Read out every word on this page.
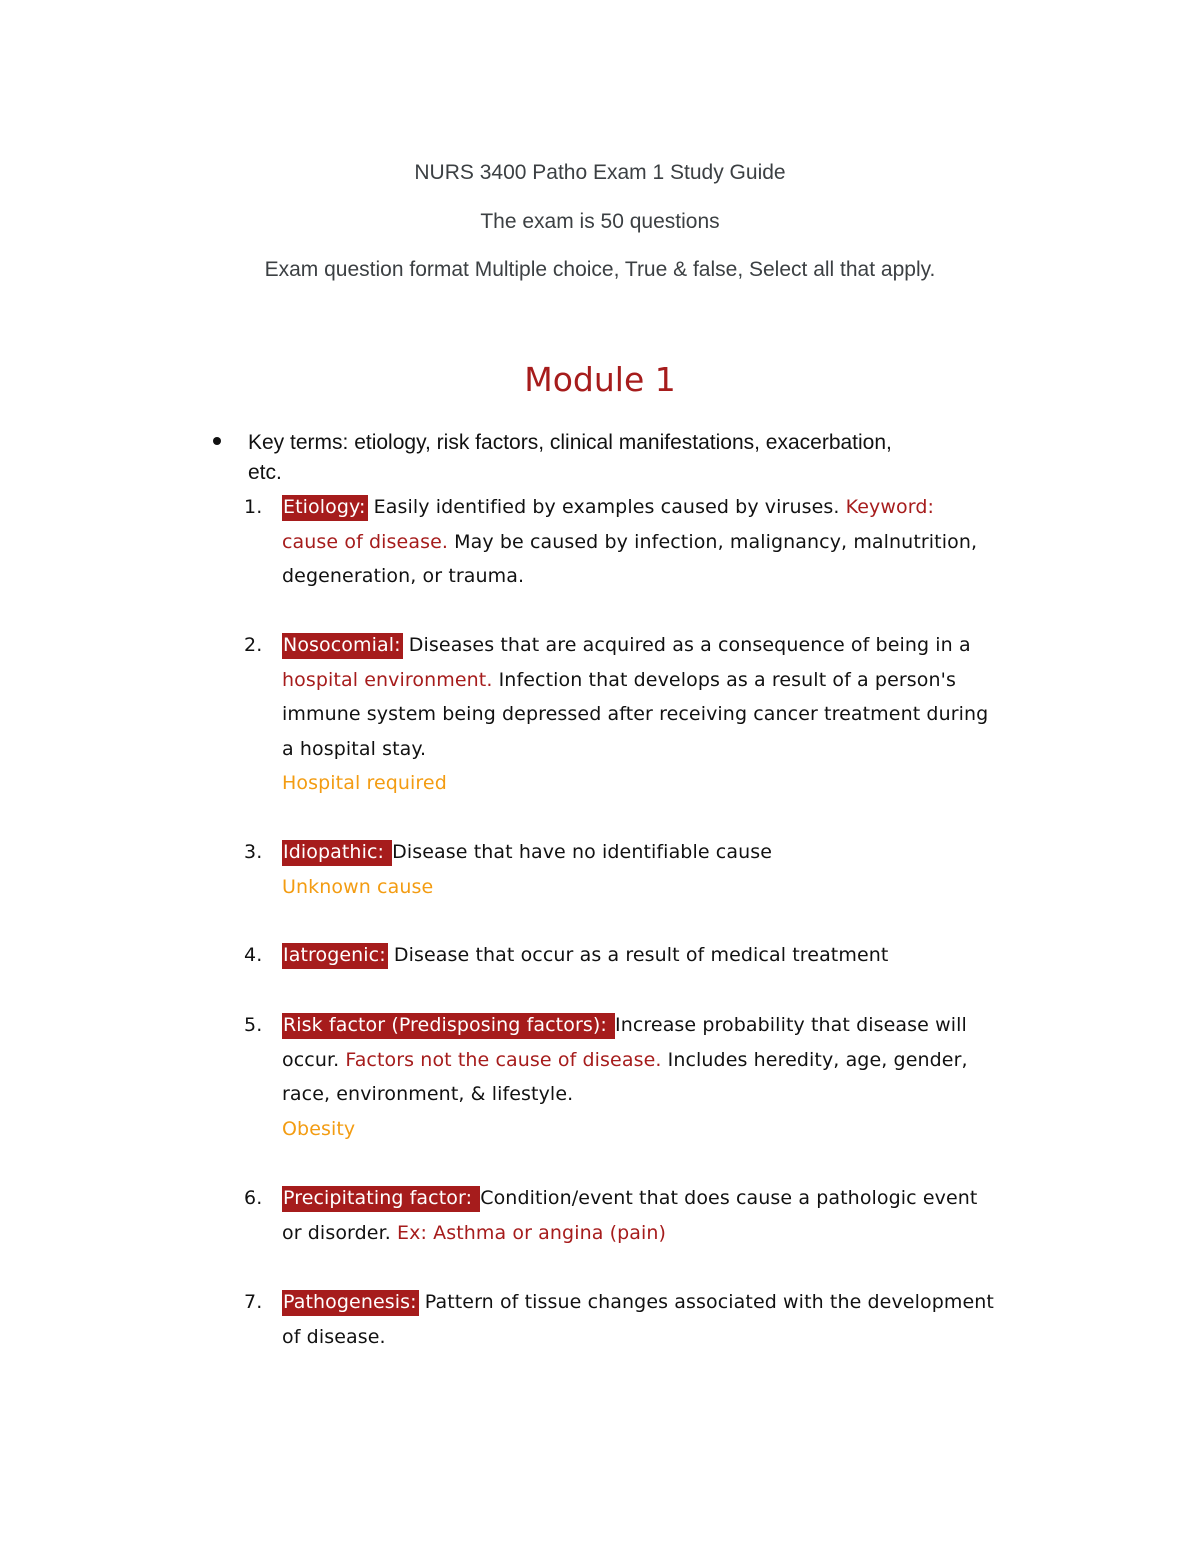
NURS 3400 Patho Exam 1 Study Guide
The exam is 50 questions
Exam question format Multiple choice, True & false, Select all that apply.
Module 1
Key terms: etiology, risk factors, clinical manifestations, exacerbation,
etc.
1. Etiology: Easily identified by examples caused by viruses. Keyword:
cause of disease. May be caused by infection, malignancy, malnutrition,
degeneration, or trauma.
2. Nosocomial: Diseases that are acquired as a consequence of being in a
hospital environment. Infection that develops as a result of a person's
immune system being depressed after receiving cancer treatment during
a hospital stay.
Hospital required
3. Idiopathic: Disease that have no identifiable cause
Unknown cause
4. Iatrogenic: Disease that occur as a result of medical treatment
5. Risk factor (Predisposing factors): Increase probability that disease will
occur. Factors not the cause of disease. Includes heredity, age, gender,
race, environment, & lifestyle.
Obesity
6. Precipitating factor: Condition/event that does cause a pathologic event
or disorder. Ex: Asthma or angina (pain)
7. Pathogenesis: Pattern of tissue changes associated with the development
of disease.
